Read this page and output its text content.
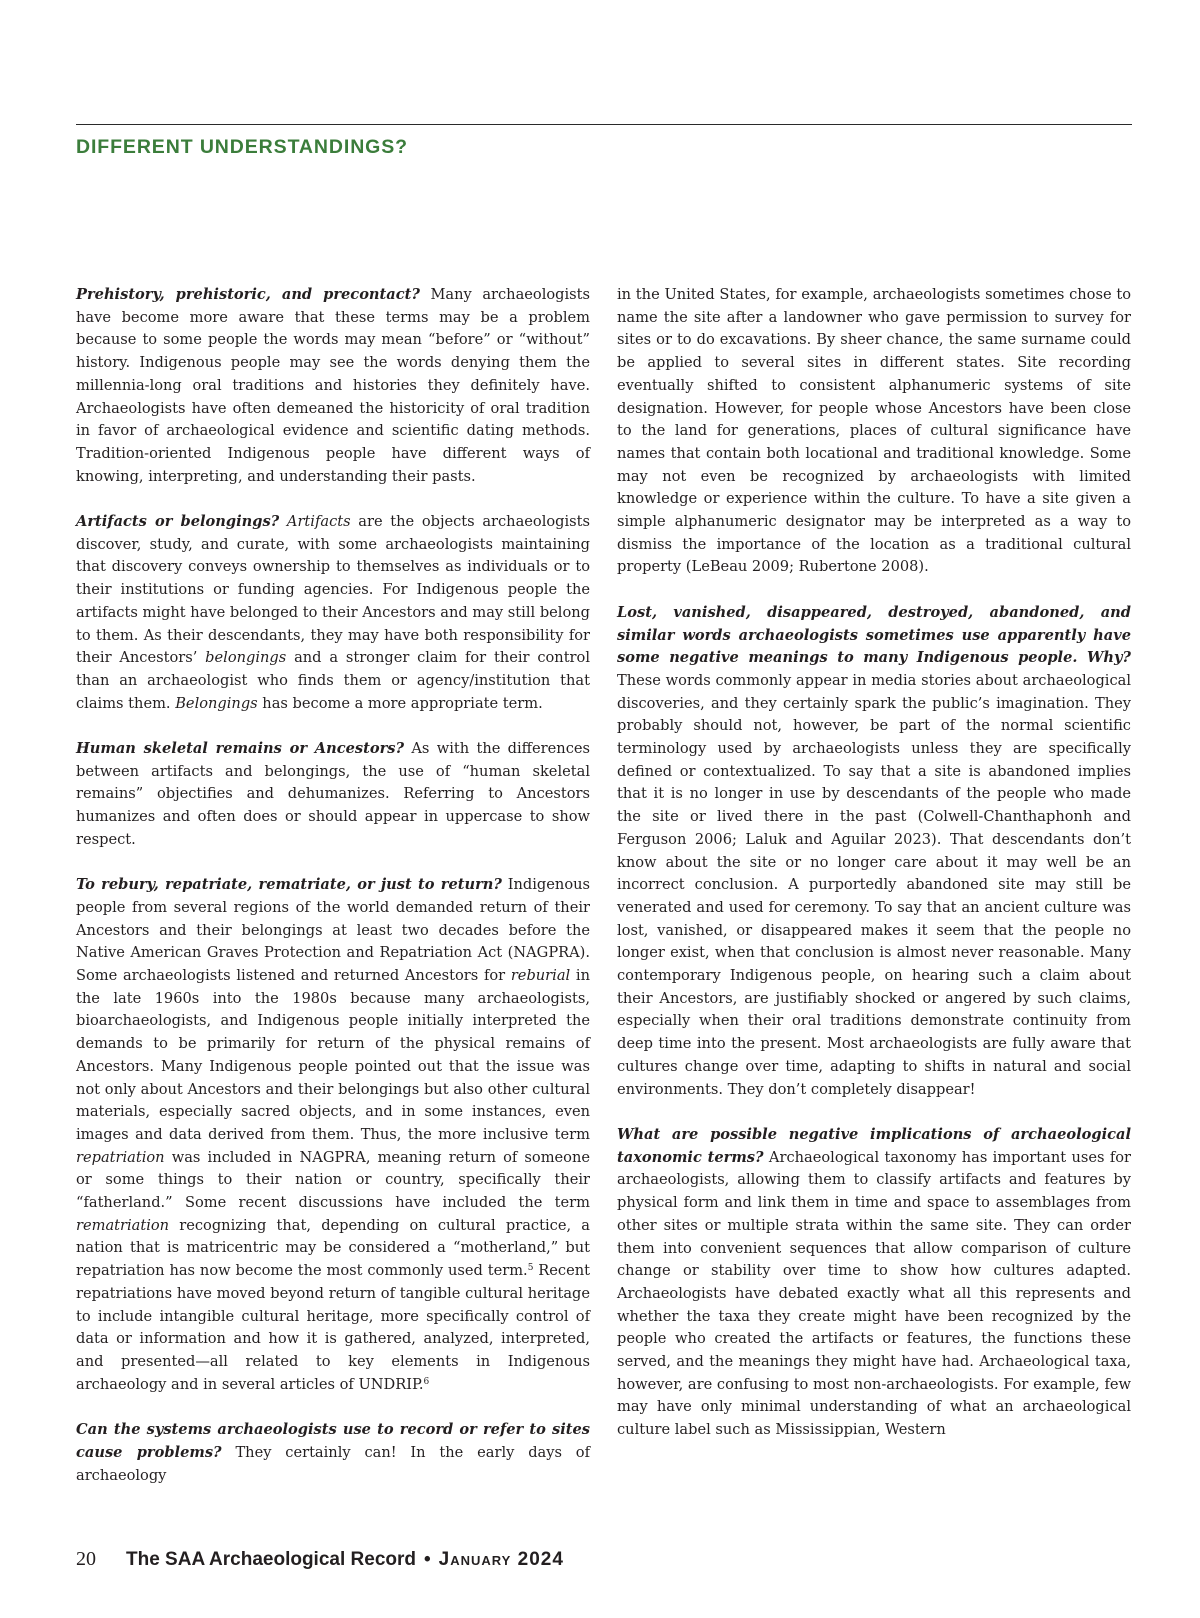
DIFFERENT UNDERSTANDINGS?

Prehistory, prehistoric, and precontact? Many archaeologists have become more aware that these terms may be a problem because to some people the words may mean “before” or “without” history. Indigenous people may see the words denying them the millennia-long oral traditions and histories they definitely have. Archaeologists have often demeaned the historicity of oral tradition in favor of archaeological evidence and scientific dating methods. Tradition-oriented Indigenous people have different ways of knowing, interpreting, and understanding their pasts.

Artifacts or belongings? Artifacts are the objects archaeologists discover, study, and curate, with some archaeologists maintaining that discovery conveys ownership to themselves as individuals or to their institutions or funding agencies. For Indigenous people the artifacts might have belonged to their Ancestors and may still belong to them. As their descendants, they may have both responsibility for their Ancestors’ belongings and a stronger claim for their control than an archaeologist who finds them or agency/institution that claims them. Belongings has become a more appropriate term.

Human skeletal remains or Ancestors? As with the differences between artifacts and belongings, the use of “human skeletal remains” objectifies and dehumanizes. Referring to Ancestors humanizes and often does or should appear in uppercase to show respect.

To rebury, repatriate, rematriate, or just to return? Indigenous people from several regions of the world demanded return of their Ancestors and their belongings at least two decades before the Native American Graves Protection and Repatriation Act (NAGPRA). Some archaeologists listened and returned Ancestors for reburial in the late 1960s into the 1980s because many archaeologists, bioarchaeologists, and Indigenous people initially interpreted the demands to be primarily for return of the physical remains of Ancestors. Many Indigenous people pointed out that the issue was not only about Ancestors and their belongings but also other cultural materials, especially sacred objects, and in some instances, even images and data derived from them. Thus, the more inclusive term repatriation was included in NAGPRA, meaning return of someone or some things to their nation or country, specifically their “fatherland.” Some recent discussions have included the term rematriation recognizing that, depending on cultural practice, a nation that is matricentric may be considered a “motherland,” but repatriation has now become the most commonly used term.$^5$ Recent repatriations have moved beyond return of tangible cultural heritage to include intangible cultural heritage, more specifically control of data or information and how it is gathered, analyzed, interpreted, and presented—all related to key elements in Indigenous archaeology and in several articles of UNDRIP.$^6$

Can the systems archaeologists use to record or refer to sites cause problems? They certainly can! In the early days of archaeology

in the United States, for example, archaeologists sometimes chose to name the site after a landowner who gave permission to survey for sites or to do excavations. By sheer chance, the same surname could be applied to several sites in different states. Site recording eventually shifted to consistent alphanumeric systems of site designation. However, for people whose Ancestors have been close to the land for generations, places of cultural significance have names that contain both locational and traditional knowledge. Some may not even be recognized by archaeologists with limited knowledge or experience within the culture. To have a site given a simple alphanumeric designator may be interpreted as a way to dismiss the importance of the location as a traditional cultural property (LeBeau 2009; Rubertone 2008).

Lost, vanished, disappeared, destroyed, abandoned, and similar words archaeologists sometimes use apparently have some negative meanings to many Indigenous people. Why? These words commonly appear in media stories about archaeological discoveries, and they certainly spark the public’s imagination. They probably should not, however, be part of the normal scientific terminology used by archaeologists unless they are specifically defined or contextualized. To say that a site is abandoned implies that it is no longer in use by descendants of the people who made the site or lived there in the past (Colwell-Chanthaphonh and Ferguson 2006; Laluk and Aguilar 2023). That descendants don’t know about the site or no longer care about it may well be an incorrect conclusion. A purportedly abandoned site may still be venerated and used for ceremony. To say that an ancient culture was lost, vanished, or disappeared makes it seem that the people no longer exist, when that conclusion is almost never reasonable. Many contemporary Indigenous people, on hearing such a claim about their Ancestors, are justifiably shocked or angered by such claims, especially when their oral traditions demonstrate continuity from deep time into the present. Most archaeologists are fully aware that cultures change over time, adapting to shifts in natural and social environments. They don’t completely disappear!

What are possible negative implications of archaeological taxonomic terms? Archaeological taxonomy has important uses for archaeologists, allowing them to classify artifacts and features by physical form and link them in time and space to assemblages from other sites or multiple strata within the same site. They can order them into convenient sequences that allow comparison of culture change or stability over time to show how cultures adapted. Archaeologists have debated exactly what all this represents and whether the taxa they create might have been recognized by the people who created the artifacts or features, the functions these served, and the meanings they might have had. Archaeological taxa, however, are confusing to most non-archaeologists. For example, few may have only minimal understanding of what an archaeological culture label such as Mississippian, Western

20 The SAA Archaeological Record • January 2024
